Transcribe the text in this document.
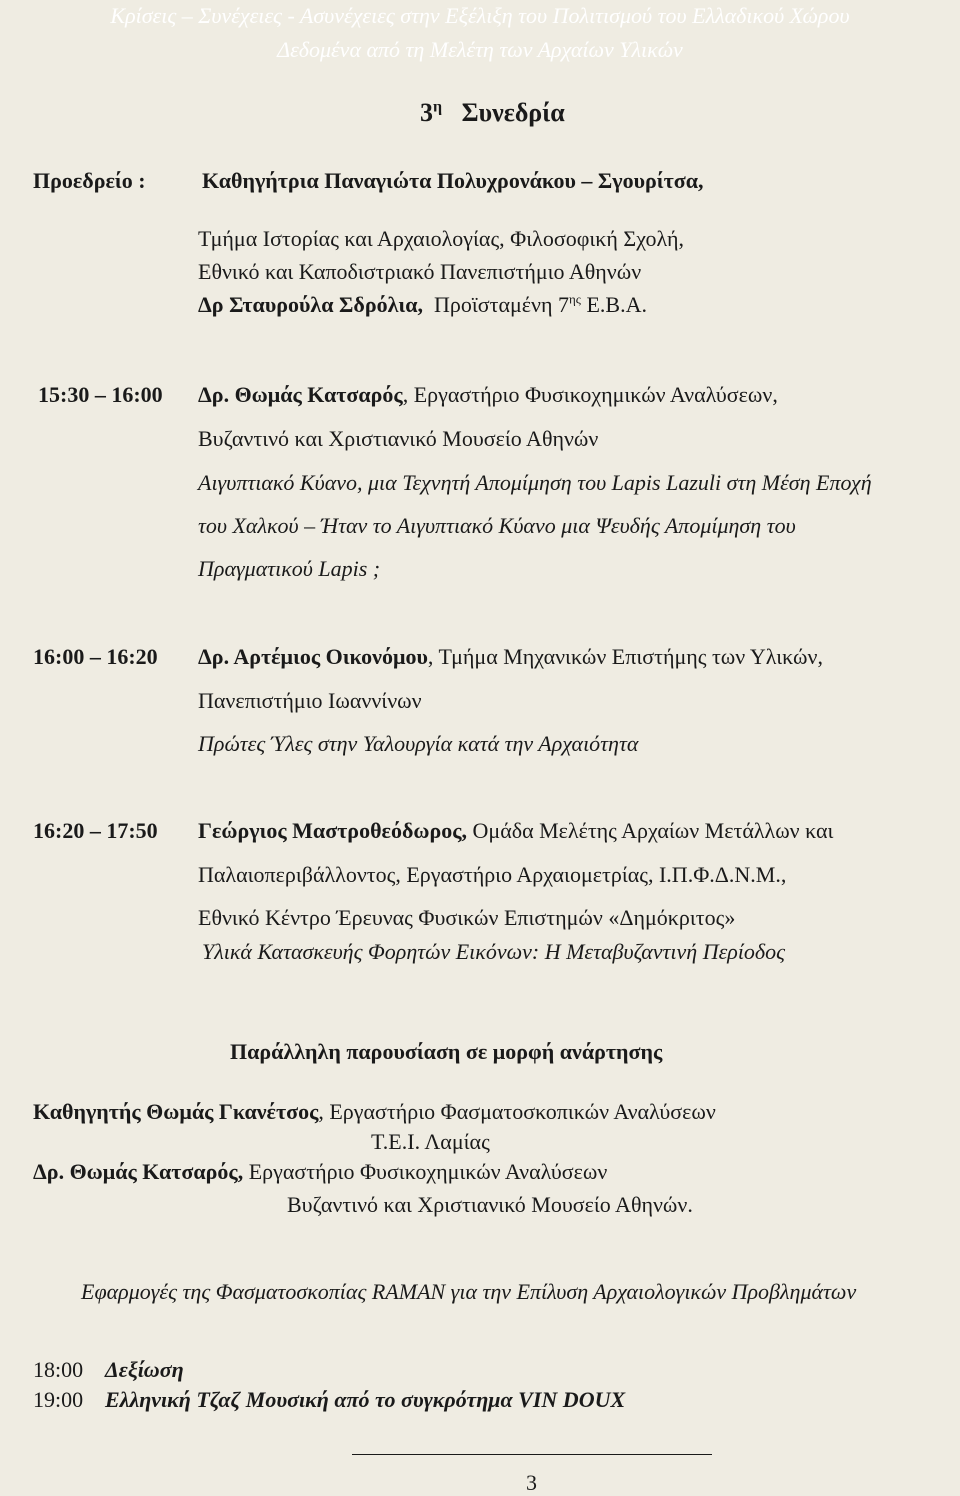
Κρίσεις – Συνέχειες - Ασυνέχειες στην Εξέλιξη του Πολιτισμού του Ελλαδικού Χώρου
Δεδομένα από τη Μελέτη των Αρχαίων Υλικών
$3^\eta$ Συνεδρία
Προεδρείο :	Καθηγήτρια Παναγιώτα Πολυχρονάκου – Σγουρίτσα,
Τμήμα Ιστορίας και Αρχαιολογίας, Φιλοσοφική Σχολή,
Εθνικό και Καποδιστριακό Πανεπιστήμιο Αθηνών
Δρ Σταυρούλα Σδρόλια, Προϊσταμένη $7^{\eta\varsigma}$ Ε.Β.Α.
15:30 – 16:00 Δρ. Θωμάς Κατσαρός, Εργαστήριο Φυσικοχημικών Αναλύσεων,
Βυζαντινό και Χριστιανικό Μουσείο Αθηνών
Αιγυπτιακό Κύανο, μια Τεχνητή Απομίμηση του Lapis Lazuli στη Μέση Εποχή
του Χαλκού – Ήταν το Αιγυπτιακό Κύανο μια Ψευδής Απομίμηση του
Πραγματικού Lapis ;
16:00 – 16:20 Δρ. Αρτέμιος Οικονόμου, Τμήμα Μηχανικών Επιστήμης των Υλικών,
Πανεπιστήμιο Ιωαννίνων
Πρώτες Ύλες στην Υαλουργία κατά την Αρχαιότητα
16:20 – 17:50 Γεώργιος Μαστροθεόδωρος, Ομάδα Μελέτης Αρχαίων Μετάλλων και
Παλαιοπεριβάλλοντος, Εργαστήριο Αρχαιομετρίας, Ι.Π.Φ.Δ.Ν.Μ.,
Εθνικό Κέντρο Έρευνας Φυσικών Επιστημών «Δημόκριτος»
Υλικά Κατασκευής Φορητών Εικόνων: Η Μεταβυζαντινή Περίοδος
Παράλληλη παρουσίαση σε μορφή ανάρτησης
Καθηγητής Θωμάς Γκανέτσος, Εργαστήριο Φασματοσκοπικών Αναλύσεων
Τ.Ε.Ι. Λαμίας
Δρ. Θωμάς Κατσαρός, Εργαστήριο Φυσικοχημικών Αναλύσεων
Βυζαντινό και Χριστιανικό Μουσείο Αθηνών.
Εφαρμογές της Φασματοσκοπίας RAMAN για την Επίλυση Αρχαιολογικών Προβλημάτων
18:00 Δεξίωση
19:00 Ελληνική Τζαζ Μουσική από το συγκρότημα VIN DOUX
3
